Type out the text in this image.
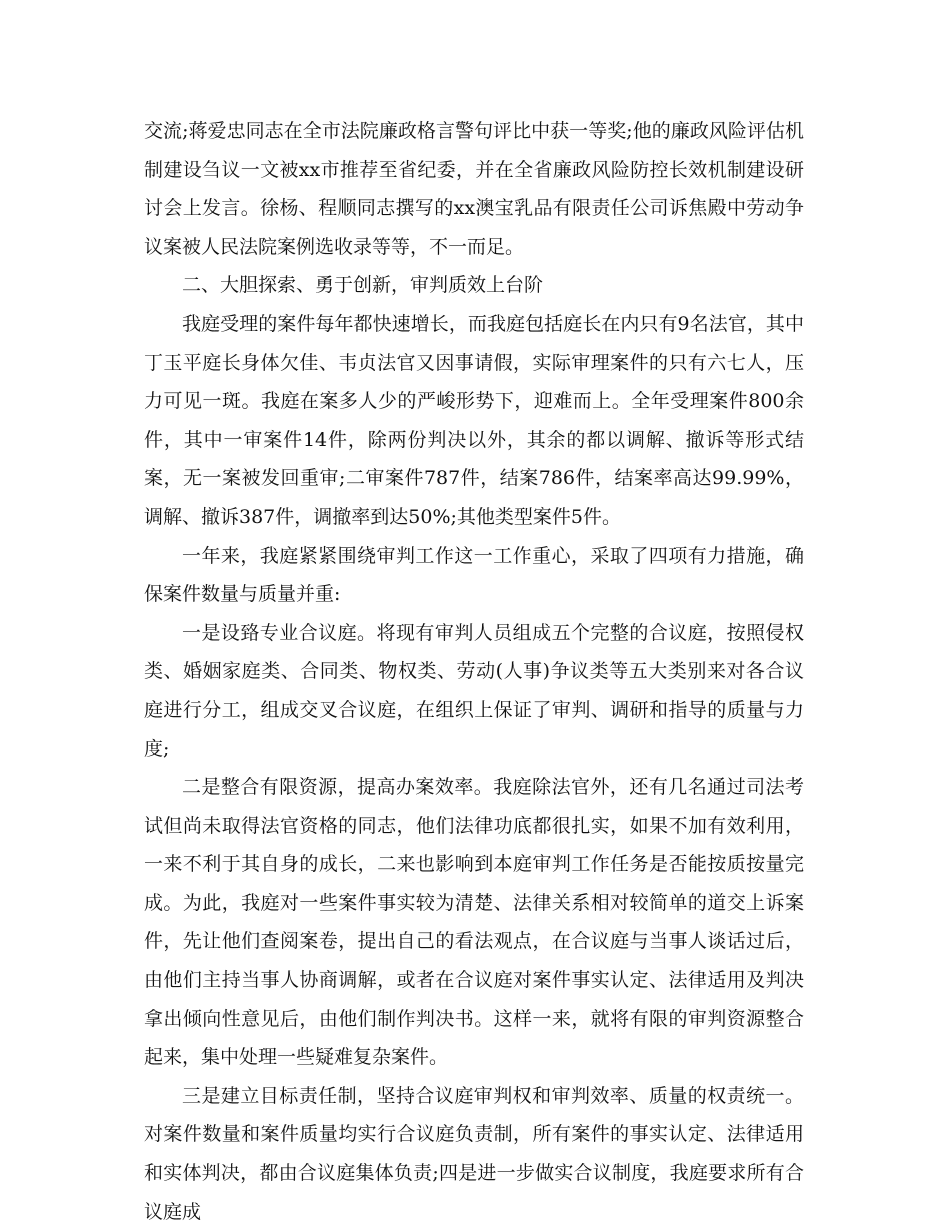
交流;蒋爱忠同志在全市法院廉政格言警句评比中获一等奖;他的廉政风险评估机制建设刍议一文被xx市推荐至省纪委，并在全省廉政风险防控长效机制建设研讨会上发言。徐杨、程顺同志撰写的xx澳宝乳品有限责任公司诉焦殿中劳动争议案被人民法院案例选收录等等，不一而足。

二、大胆探索、勇于创新，审判质效上台阶

我庭受理的案件每年都快速增长，而我庭包括庭长在内只有9名法官，其中丁玉平庭长身体欠佳、韦贞法官又因事请假，实际审理案件的只有六七人，压力可见一斑。我庭在案多人少的严峻形势下，迎难而上。全年受理案件800余件，其中一审案件14件，除两份判决以外，其余的都以调解、撤诉等形式结案，无一案被发回重审;二审案件787件，结案786件，结案率高达99.99%，调解、撤诉387件，调撤率到达50%;其他类型案件5件。

一年来，我庭紧紧围绕审判工作这一工作重心，采取了四项有力措施，确保案件数量与质量并重:

一是设臵专业合议庭。将现有审判人员组成五个完整的合议庭，按照侵权类、婚姻家庭类、合同类、物权类、劳动(人事)争议类等五大类别来对各合议庭进行分工，组成交叉合议庭，在组织上保证了审判、调研和指导的质量与力度;

二是整合有限资源，提高办案效率。我庭除法官外，还有几名通过司法考试但尚未取得法官资格的同志，他们法律功底都很扎实，如果不加有效利用，一来不利于其自身的成长，二来也影响到本庭审判工作任务是否能按质按量完成。为此，我庭对一些案件事实较为清楚、法律关系相对较简单的道交上诉案件，先让他们查阅案卷，提出自己的看法观点，在合议庭与当事人谈话过后，由他们主持当事人协商调解，或者在合议庭对案件事实认定、法律适用及判决拿出倾向性意见后，由他们制作判决书。这样一来，就将有限的审判资源整合起来，集中处理一些疑难复杂案件。

三是建立目标责任制，坚持合议庭审判权和审判效率、质量的权责统一。对案件数量和案件质量均实行合议庭负责制，所有案件的事实认定、法律适用和实体判决，都由合议庭集体负责;四是进一步做实合议制度，我庭要求所有合议庭成
